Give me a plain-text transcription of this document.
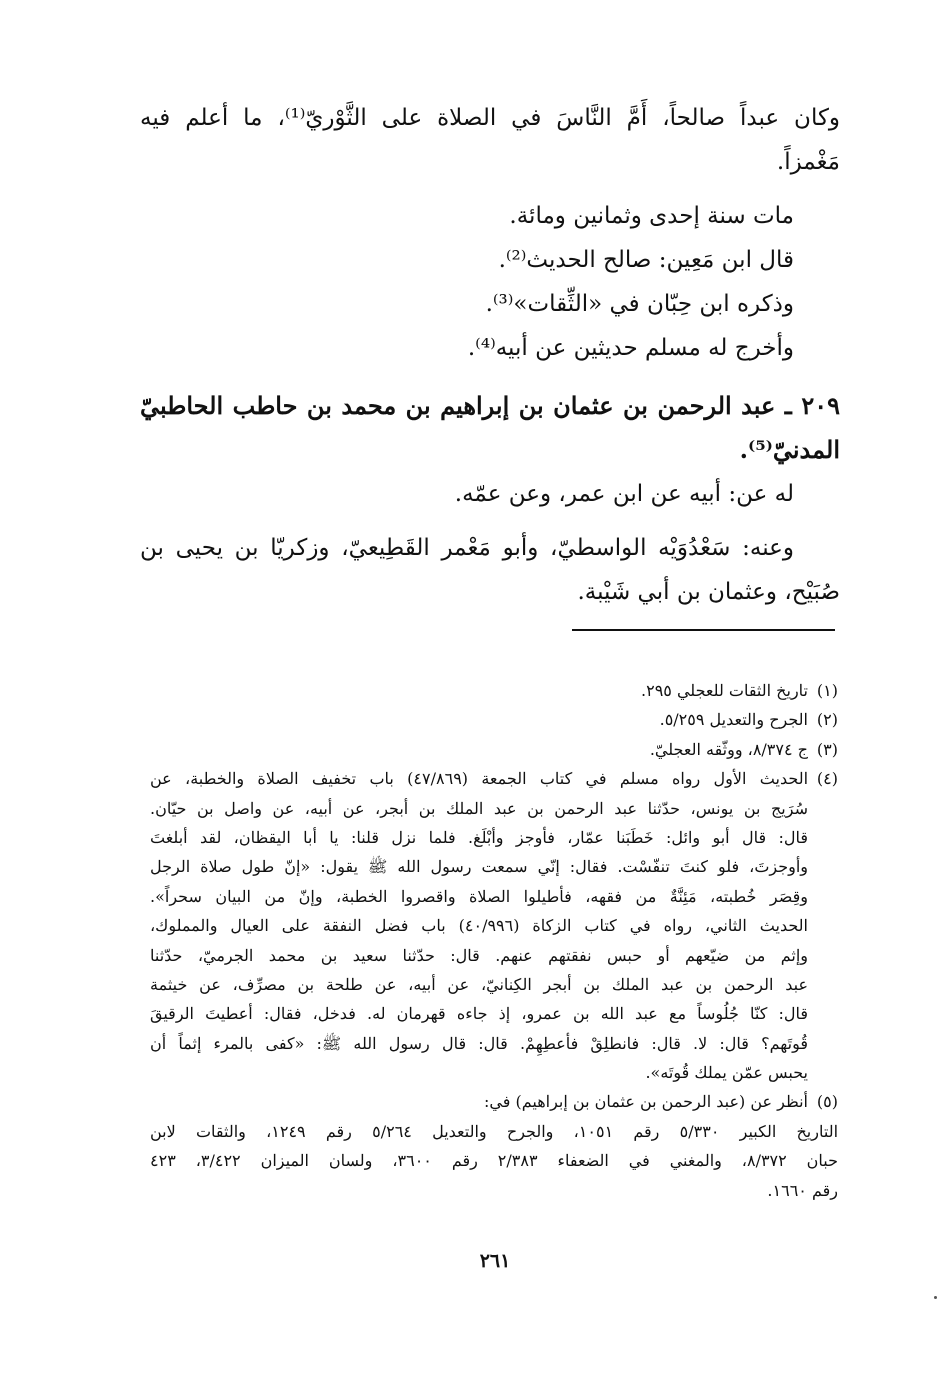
وكان عبداً صالحاً، أَمَّ النَّاسَ في الصلاة على الثَّوْريّ⁽¹⁾، ما أعلم فيه
مَغْمزاً.
مات سنة إحدى وثمانين ومائة.
قال ابن مَعِين: صالح الحديث⁽²⁾.
وذكره ابن حِبّان في «الثِّقات»⁽³⁾.
وأخرج له مسلم حديثين عن أبيه⁽⁴⁾.
٢٠٩ ـ عبد الرحمن بن عثمان بن إبراهيم بن محمد بن حاطب الحاطبيّ
المدنيّ⁽⁵⁾.
له عن: أبيه عن ابن عمر، وعن عمّه.
وعنه: سَعْدُوَيْه الواسطيّ، وأبو مَعْمر القَطِيعيّ، وزكريّا بن يحيى بن
صُبَيْح، وعثمان بن أبي شَيْبة.
(١)تاريخ الثقات للعجلي ٢٩٥.
(٢)الجرح والتعديل ٥/٢٥٩.
(٣)ج ٨/٣٧٤، ووثّقه العجليّ.
(٤)الحديث الأول رواه مسلم في كتاب الجمعة (٤٧/٨٦٩) باب تخفيف الصلاة والخطبة، عن
سُرَيج بن يونس، حدّثنا عبد الرحمن بن عبد الملك بن أبجر، عن أبيه، عن واصل بن حيّان.
قال: قال أبو وائل: خَطَبَنا عمّار، فأوجز وأبْلَغ. فلما نزل قلنا: يا أبا اليقظان، لقد أبلغتَ
وأوجزتَ، فلو كنتَ تنفّسْت. فقال: إنّي سمعت رسول الله ﷺ يقول: «إنّ طول صلاة الرجل
وقِصَر خُطبته، مَئِنَّةٌ من فقهه، فأطيلوا الصلاة واقصروا الخطبة، وإنّ من البيان سحراً».
الحديث الثاني، رواه في كتاب الزكاة (٤٠/٩٩٦) باب فضل النفقة على العيال والمملوك،
وإثم من ضيّعهم أو حبس نفقتهم عنهم. قال: حدّثنا سعيد بن محمد الجرميّ، حدّثنا
عبد الرحمن بن عبد الملك بن أبجر الكِنانيّ، عن أبيه، عن طلحة بن مصرِّف، عن خيثمة
قال: كنّا جُلُوساً مع عبد الله بن عمرو، إذ جاءه قهرمان له. فدخل، فقال: أعطيتَ الرقيقَ
قُوتَهم؟ قال: لا. قال: فانطلِقْ فأعطِهِمْ. قال: قال رسول الله ﷺ: «كفى بالمرء إثماً أن
يحبس عمّن يملك قُوتَه».
(٥)أنظر عن (عبد الرحمن بن عثمان بن إبراهيم) في:
التاريخ الكبير ٥/٣٣٠ رقم ١٠٥١، والجرح والتعديل ٥/٢٦٤ رقم ١٢٤٩، والثقات لابن
حبان ٨/٣٧٢، والمغني في الضعفاء ٢/٣٨٣ رقم ٣٦٠٠، ولسان الميزان ٣/٤٢٢، ٤٢٣
رقم ١٦٦٠.
٢٦١
